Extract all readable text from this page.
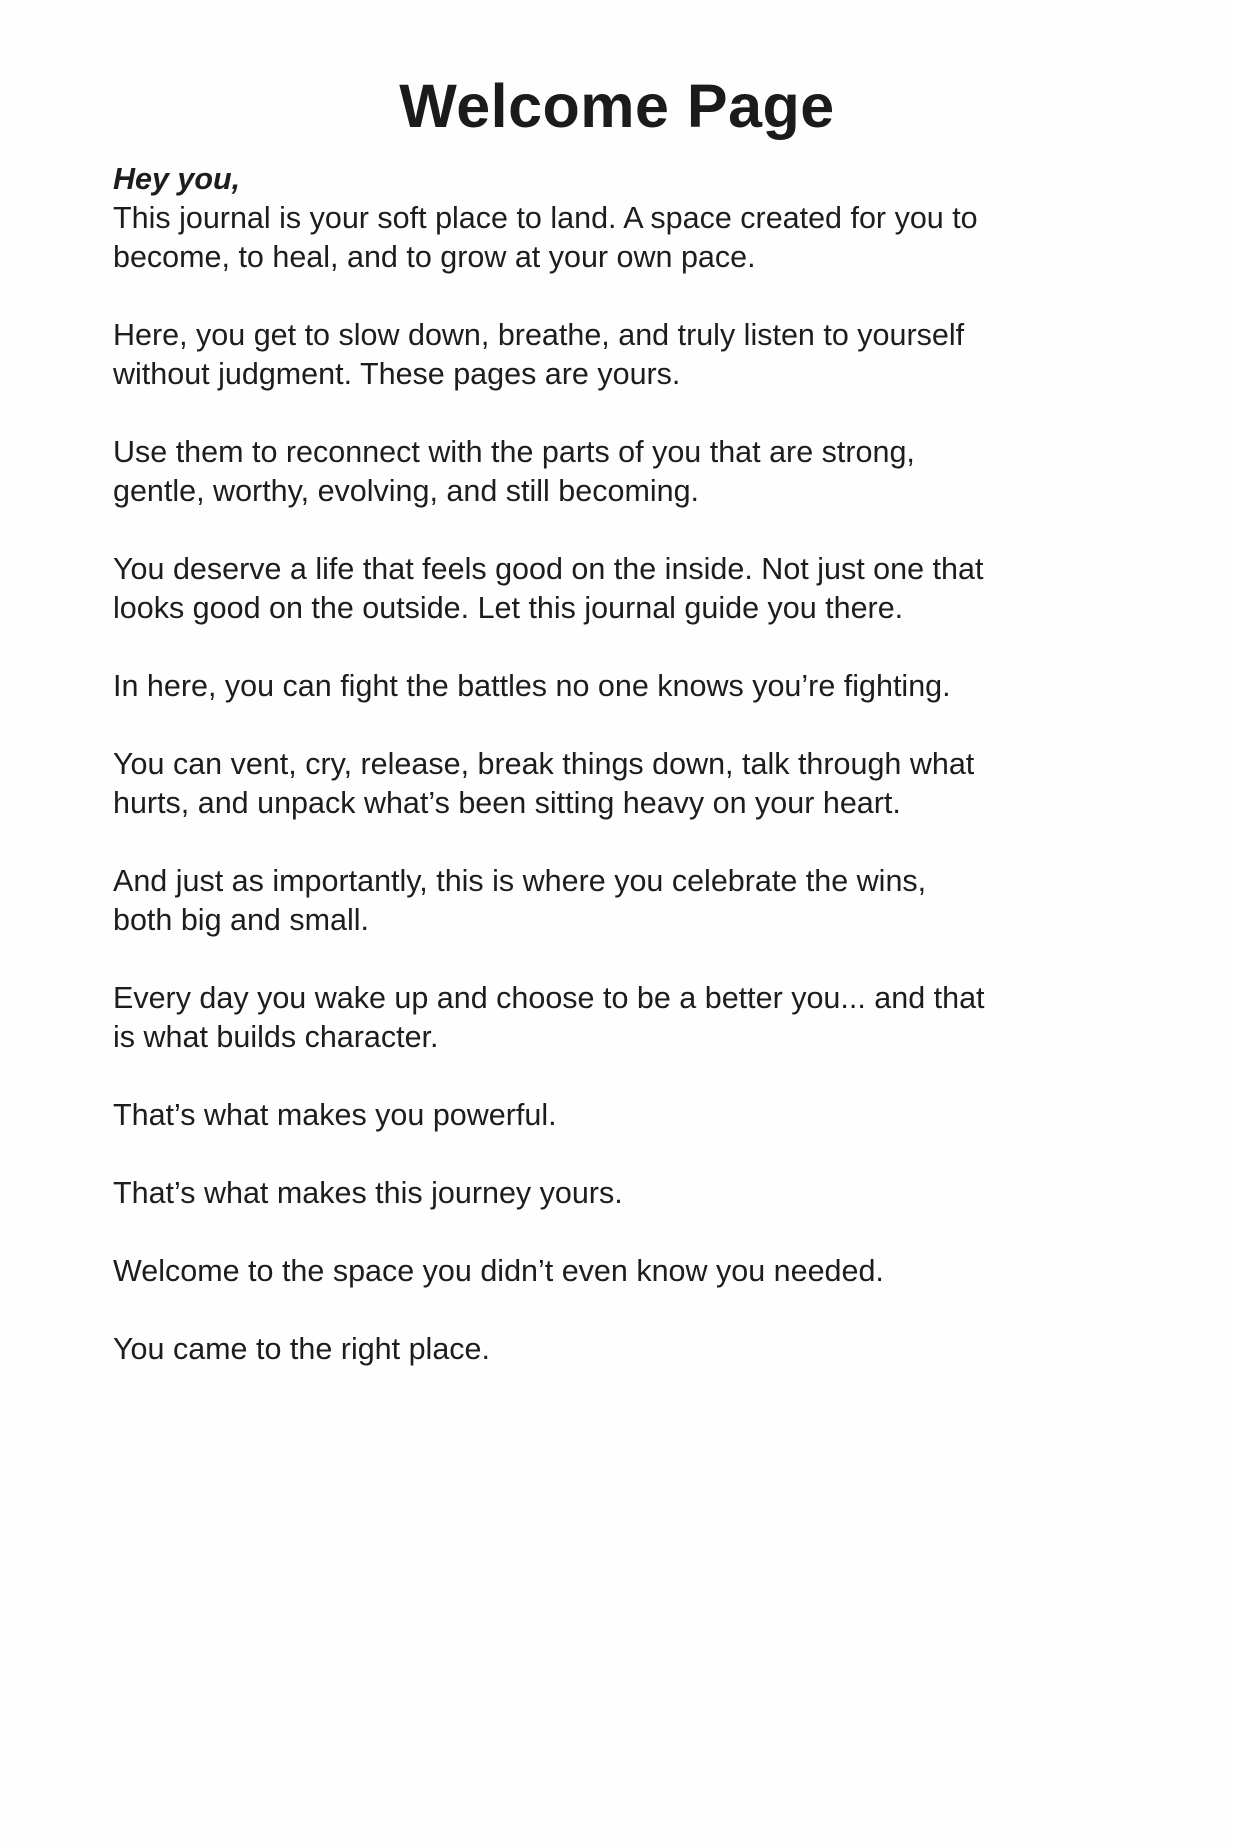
Welcome Page
Hey you,

This journal is your soft place to land. A space created for you to
become, to heal, and to grow at your own pace.

Here, you get to slow down, breathe, and truly listen to yourself
without judgment. These pages are yours.

Use them to reconnect with the parts of you that are strong,
gentle, worthy, evolving, and still becoming.

You deserve a life that feels good on the inside. Not just one that
looks good on the outside. Let this journal guide you there.

In here, you can fight the battles no one knows you’re fighting.

You can vent, cry, release, break things down, talk through what
hurts, and unpack what’s been sitting heavy on your heart.

And just as importantly, this is where you celebrate the wins,
both big and small.

Every day you wake up and choose to be a better you... and that
is what builds character.

That’s what makes you powerful.

That’s what makes this journey yours.

Welcome to the space you didn’t even know you needed.

You came to the right place.
